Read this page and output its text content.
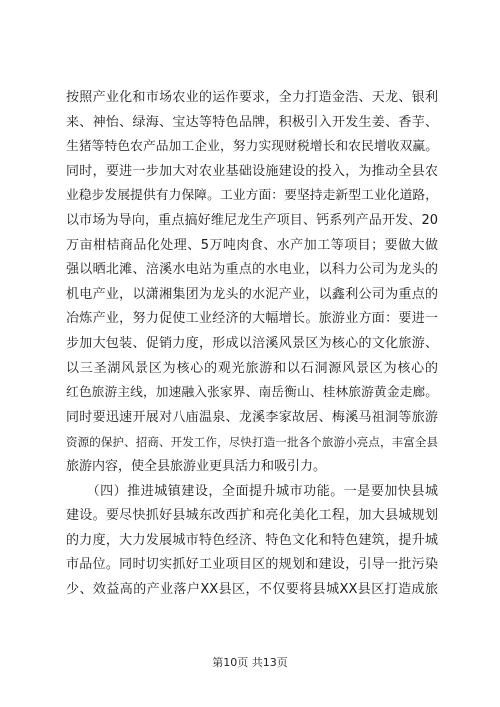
按照产业化和市场农业的运作要求，全力打造金浩、天龙、银利
来、神怡、绿海、宝达等特色品牌，积极引入开发生姜、香芋、
生猪等特色农产品加工企业，努力实现财税增长和农民增收双赢。
同时，要进一步加大对农业基础设施建设的投入，为推动全县农
业稳步发展提供有力保障。工业方面：要坚持走新型工业化道路，
以市场为导向，重点搞好维尼龙生产项目、钙系列产品开发、20
万亩柑桔商品化处理、5万吨肉食、水产加工等项目；要做大做
强以晒北滩、涪溪水电站为重点的水电业，以科力公司为龙头的
机电产业，以潇湘集团为龙头的水泥产业，以鑫利公司为重点的
冶炼产业，努力促使工业经济的大幅增长。旅游业方面：要进一
步加大包装、促销力度，形成以涪溪风景区为核心的文化旅游、
以三圣湖风景区为核心的观光旅游和以石洞源风景区为核心的
红色旅游主线，加速融入张家界、南岳衡山、桂林旅游黄金走廊。
同时要迅速开展对八庙温泉、龙溪李家故居、梅溪马祖洞等旅游
资源的保护、招商、开发工作，尽快打造一批各个旅游小亮点，丰富全县
旅游内容，使全县旅游业更具活力和吸引力。
　　（四）推进城镇建设，全面提升城市功能。一是要加快县城
建设。要尽快抓好县城东改西扩和亮化美化工程，加大县城规划
的力度，大力发展城市特色经济、特色文化和特色建筑，提升城
市品位。同时切实抓好工业项目区的规划和建设，引导一批污染
少、效益高的产业落户XX县区，不仅要将县城XX县区打造成旅
第10页 共13页
